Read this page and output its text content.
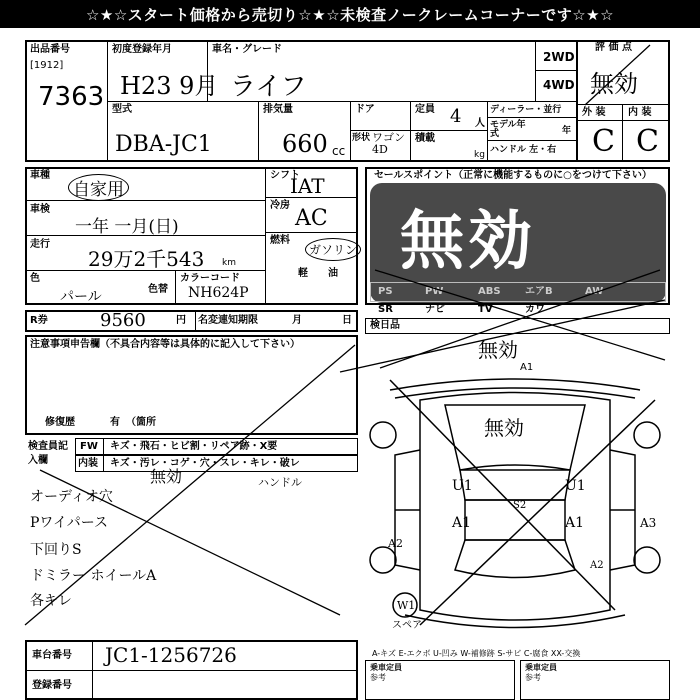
☆★☆スタート価格から売切り☆★☆未検査ノークレームコーナーです☆★☆
出品番号
[1912]
7363
初度登録年月
H23 9月
車名・グレード
ライフ
2WD
4WD
評 価 点
無効
型式
DBA-JC1
排気量
660 cc
ドア	定員 4 人
形状 ワゴン 4D
積載
kg
ディーラー・並行
モデル年式	年
ハンドル 左・右
外 装 内 装
C C
車種
自家用
車検
一年 一月(日)
走行
29万2千543 km
色
パール	色替
カラーコード
NH624P
シフト
IAT
冷房
AC
燃料
ガソリン
軽 油
R券	9560	円 名変連知期限	月	日
注意事項申告欄（不具合内容等は具体的に記入して下さい）
修復歴	有 （箇所
検査員記入欄
FW キズ・飛石・ヒビ割・リペア跡・X要
内装 キズ・汚レ・コゲ・穴・スレ・キレ・破レ
無効	ハンドル
オーディオ穴
Pワイパース
下回りS
ドミラー ホイールA
各キレ
セールスポイント（正常に機能するものに○をつけて下さい）
無効
PS	PW	ABS エアB	AW
SR	ナビ	TV	カワ
検日品
無効
A1
無効
U1
A1
U1
A1
S2
A3
A2
A2
W1
スペア
A-キズ E-エクボ U-凹み W-補修跡 S-サビ C-腐食 XX-交換
乗車定員
参考
乗車定員
参考
車台番号 JC1-1256726
登録番号
